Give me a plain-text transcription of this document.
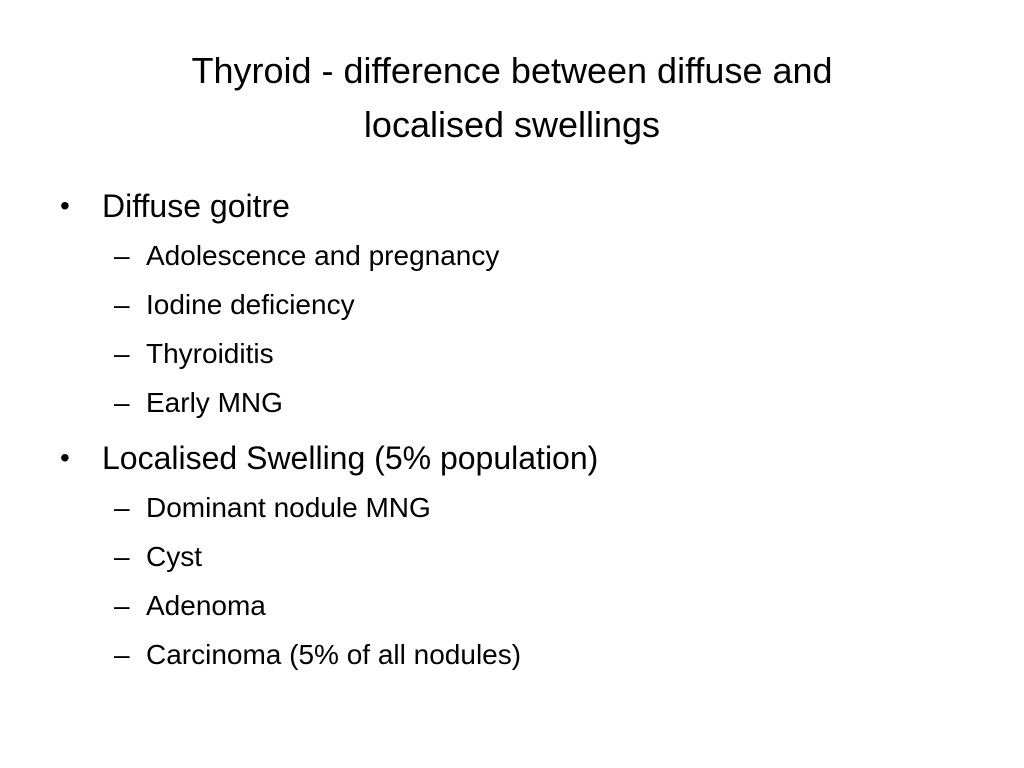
Thyroid - difference between diffuse and
localised swellings
• Diffuse goitre
– Adolescence and pregnancy
– Iodine deficiency
– Thyroiditis
– Early MNG
• Localised Swelling (5% population)
– Dominant nodule MNG
– Cyst
– Adenoma
– Carcinoma (5% of all nodules)
